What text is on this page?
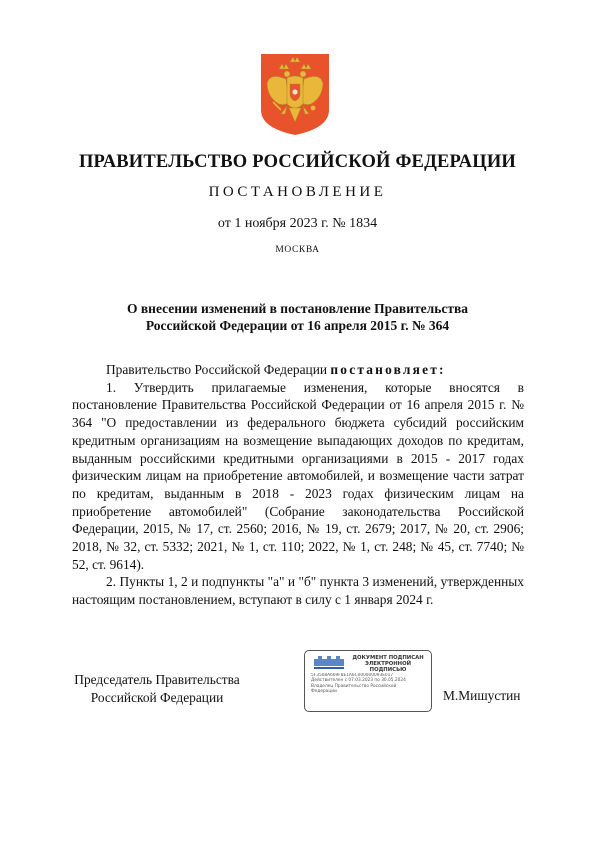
ПРАВИТЕЛЬСТВО РОССИЙСКОЙ ФЕДЕРАЦИИ
ПОСТАНОВЛЕНИЕ
от 1 ноября 2023 г. № 1834
МОСКВА
О внесении изменений в постановление Правительства
Российской Федерации от 16 апреля 2015 г. № 364

Правительство Российской Федерации постановляет:

1. Утвердить прилагаемые изменения, которые вносятся в постановление Правительства Российской Федерации от 16 апреля 2015 г. № 364 "О предоставлении из федерального бюджета субсидий российским кредитным организациям на возмещение выпадающих доходов по кредитам, выданным российскими кредитными организациями в 2015 - 2017 годах физическим лицам на приобретение автомобилей, и возмещение части затрат по кредитам, выданным в 2018 - 2023 годах физическим лицам на приобретение автомобилей" (Собрание законодательства Российской Федерации, 2015, № 17, ст. 2560; 2016, № 19, ст. 2679; 2017, № 20, ст. 2906; 2018, № 32, ст. 5332; 2021, № 1, ст. 110; 2022, № 1, ст. 248; № 45, ст. 7740; № 52, ст. 9614).

2. Пункты 1, 2 и подпункты "а" и "б" пункта 3 изменений, утвержденных настоящим постановлением, вступают в силу с 1 января 2024 г.

Председатель Правительства
Российской Федерации
ДОКУМЕНТ ПОДПИСАН
ЭЛЕКТРОННОЙ ПОДПИСЬЮ
5F3508A669F8E1A6C000000093E017
Действителен с 07.03.2023 по 30.05.2024
Владелец Правительство Российской
Федерации	М.Мишустин
